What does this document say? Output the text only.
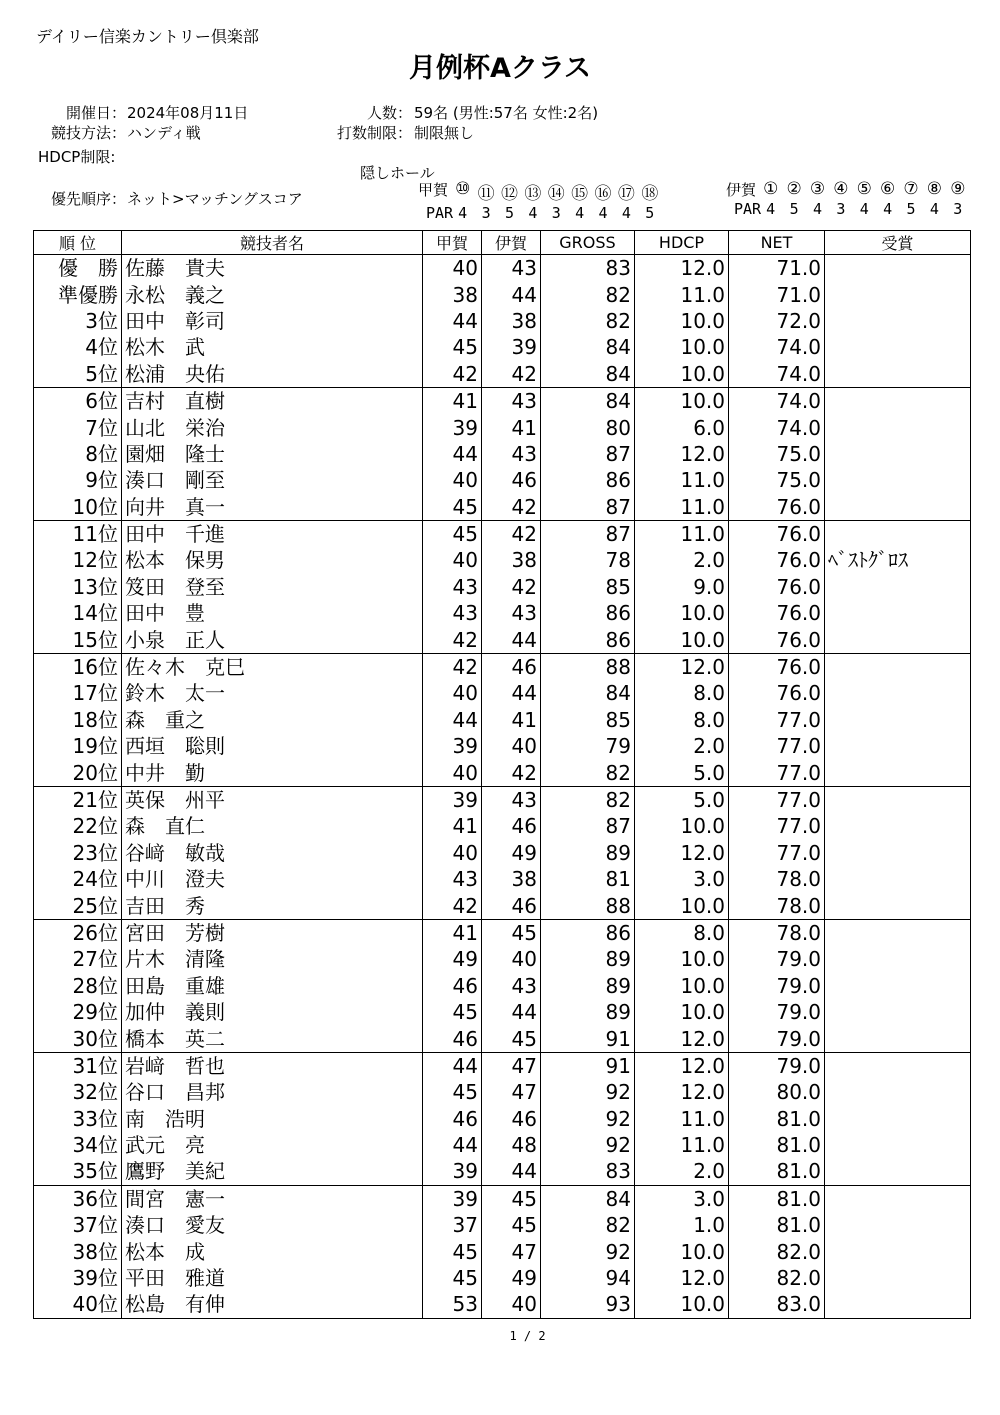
デイリー信楽カントリー倶楽部
月例杯Aクラス
開催日： 2024年08月11日
競技方法： ハンディ戦
HDCP制限:
優先順序： ネット>マッチングスコア
人数： 59名 (男性:57名 女性:2名)
打数制限： 制限無し
隠しホール
甲賀 ⑩ ⑪ ⑫ ⑬ ⑭ ⑮ ⑯ ⑰ ⑱
PAR 4 3 5 4 3 4 4 4 5
伊賀 ① ② ③ ④ ⑤ ⑥ ⑦ ⑧ ⑨
PAR 4 5 4 3 4 4 5 4 3
順 位	競技者名	甲賀	伊賀	GROSS	HDCP	NET	受賞
優　勝	佐藤　貴夫	40	43	83	12.0	71.0	
準優勝	永松　義之	38	44	82	11.0	71.0	
3位	田中　彰司	44	38	82	10.0	72.0	
4位	松木　武	45	39	84	10.0	74.0	
5位	松浦　央佑	42	42	84	10.0	74.0	
6位	吉村　直樹	41	43	84	10.0	74.0	
7位	山北　栄治	39	41	80	6.0	74.0	
8位	園畑　隆士	44	43	87	12.0	75.0	
9位	湊口　剛至	40	46	86	11.0	75.0	
10位	向井　真一	45	42	87	11.0	76.0	
11位	田中　千進	45	42	87	11.0	76.0	
12位	松本　保男	40	38	78	2.0	76.0	ﾍﾞｽﾄｸﾞﾛｽ
13位	笈田　登至	43	42	85	9.0	76.0	
14位	田中　豊	43	43	86	10.0	76.0	
15位	小泉　正人	42	44	86	10.0	76.0	
16位	佐々木　克巳	42	46	88	12.0	76.0	
17位	鈴木　太一	40	44	84	8.0	76.0	
18位	森　重之	44	41	85	8.0	77.0	
19位	西垣　聡則	39	40	79	2.0	77.0	
20位	中井　勤	40	42	82	5.0	77.0	
21位	英保　州平	39	43	82	5.0	77.0	
22位	森　直仁	41	46	87	10.0	77.0	
23位	谷﨑　敏哉	40	49	89	12.0	77.0	
24位	中川　澄夫	43	38	81	3.0	78.0	
25位	吉田　秀	42	46	88	10.0	78.0	
26位	宮田　芳樹	41	45	86	8.0	78.0	
27位	片木　清隆	49	40	89	10.0	79.0	
28位	田島　重雄	46	43	89	10.0	79.0	
29位	加仲　義則	45	44	89	10.0	79.0	
30位	橋本　英二	46	45	91	12.0	79.0	
31位	岩﨑　哲也	44	47	91	12.0	79.0	
32位	谷口　昌邦	45	47	92	12.0	80.0	
33位	南　浩明	46	46	92	11.0	81.0	
34位	武元　亮	44	48	92	11.0	81.0	
35位	鷹野　美紀	39	44	83	2.0	81.0	
36位	間宮　憲一	39	45	84	3.0	81.0	
37位	湊口　愛友	37	45	82	1.0	81.0	
38位	松本　成	45	47	92	10.0	82.0	
39位	平田　雅道	45	49	94	12.0	82.0	
40位	松島　有伸	53	40	93	10.0	83.0	
1 / 2
